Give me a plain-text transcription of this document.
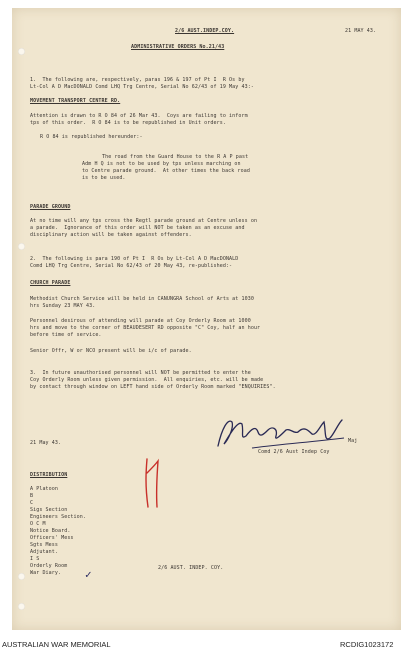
2/6 AUST.INDEP.COY.	21 MAY 43.
ADMINISTRATIVE ORDERS No.21/43
1.  The following are, respectively, paras 196 & 197 of Pt I  R Os by
Lt-Col A D MacDONALD Comd LHQ Trg Centre, Serial No 62/43 of 19 May 43:-
MOVEMENT TRANSPORT CENTRE RD.
Attention is drawn to R O 84 of 26 Mar 43.  Coys are failing to inform
tps of this order.  R O 84 is to be republished in Unit orders.
R O 84 is republished hereunder:-
The road from the Guard House to the R A P past
Adm H Q is not to be used by tps unless marching on
to Centre parade ground.  At other times the back road
is to be used.
PARADE GROUND
At no time will any tps cross the Regtl parade ground at Centre unless on
a parade.  Ignorance of this order will NOT be taken as an excuse and
disciplinary action will be taken against offenders.
2.  The following is para 190 of Pt I  R Os by Lt-Col A D MacDONALD
Comd LHQ Trg Centre, Serial No 62/43 of 20 May 43, re-published:-
CHURCH PARADE
Methodist Church Service will be held in CANUNGRA School of Arts at 1030
hrs Sunday 23 MAY 43.
Personnel desirous of attending will parade at Coy Orderly Room at 1000
hrs and move to the corner of BEAUDESERT RD opposite "C" Coy, half an hour
before time of service.
Senior Offr, W or NCO present will be i/c of parade.
3.  In future unauthorised personnel will NOT be permitted to enter the
Coy Orderly Room unless given permission.  All enquiries, etc. will be made
by contact through window on LEFT hand side of Orderly Room marked "ENQUIRIES".
Maj
Comd 2/6 Aust Indep Coy
21 May 43.
DISTRIBUTION
A Platoon
B
C
Sigs Section
Engineers Section.
O C M
Notice Board.
Officers' Mess
Sgts Mess
Adjutant.
I S
Orderly Room
War Diary. ✓	2/6 AUST. INDEP. COY.
AUSTRALIAN WAR MEMORIAL	RCDIG1023172
